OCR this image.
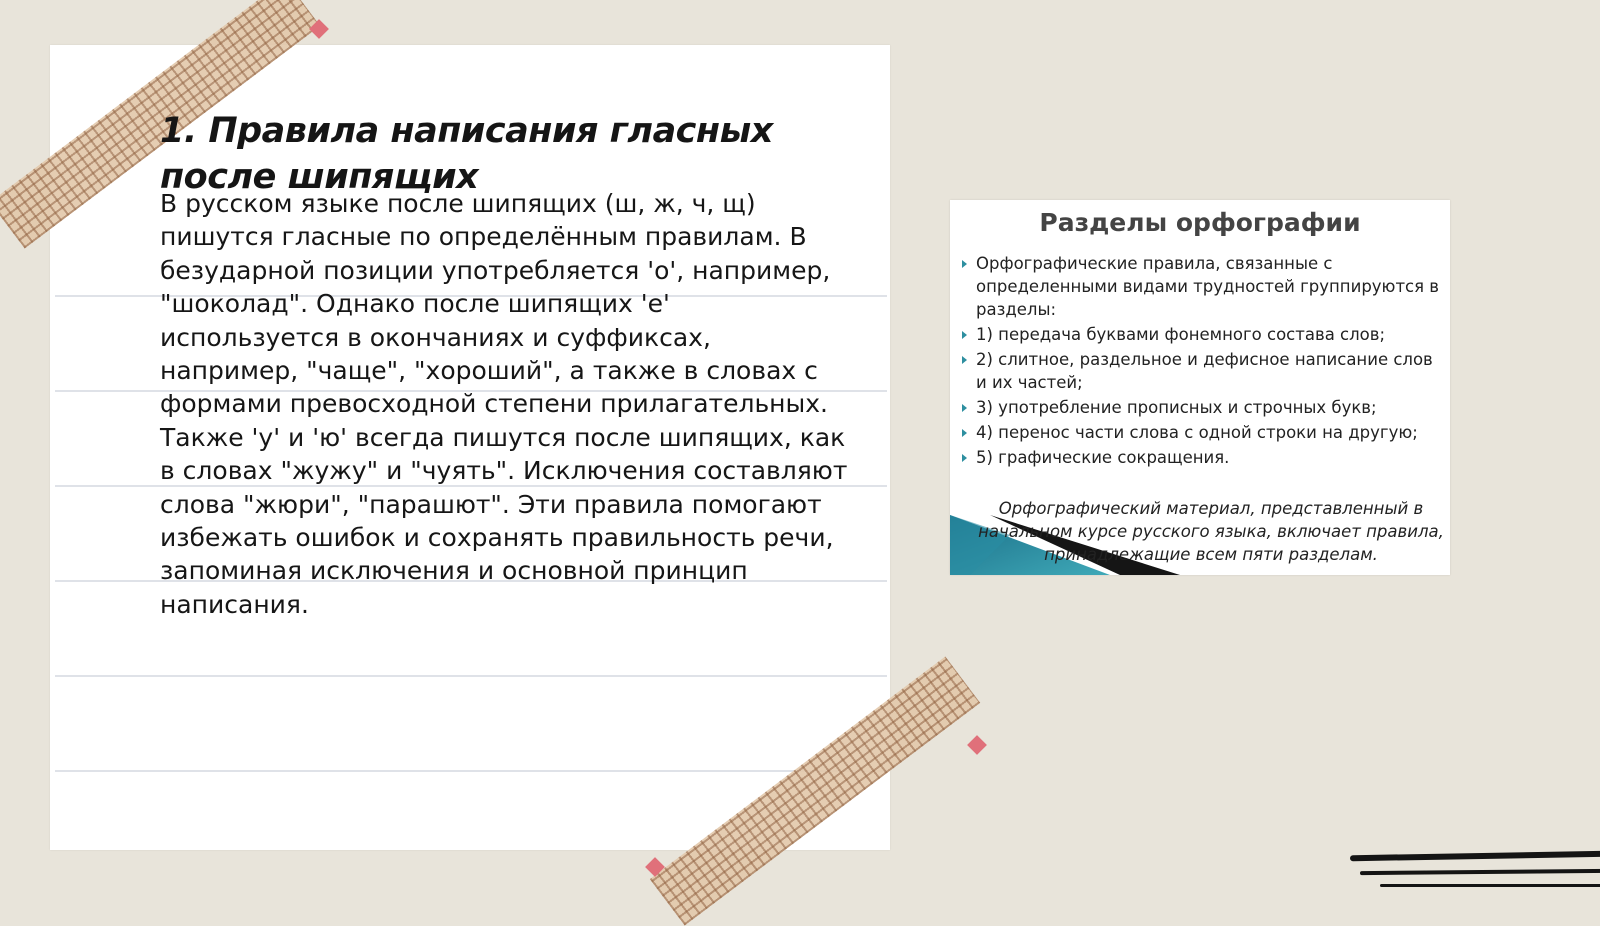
1. Правила написания гласных после шипящих

В русском языке после шипящих (ш, ж, ч, щ) пишутся гласные по определённым правилам. В безударной позиции употребляется 'о', например, "шоколад". Однако после шипящих 'е' используется в окончаниях и суффиксах, например, "чаще", "хороший", а также в словах с формами превосходной степени прилагательных. Также 'у' и 'ю' всегда пишутся после шипящих, как в словах "жужу" и "чуять". Исключения составляют слова "жюри", "парашют". Эти правила помогают избежать ошибок и сохранять правильность речи, запоминая исключения и основной принцип написания.

Разделы орфографии
Орфографические правила, связанные с определенными видами трудностей группируются в разделы:
1) передача буквами фонемного состава слов;
2) слитное, раздельное и дефисное написание слов и их частей;
3) употребление прописных и строчных букв;
4) перенос части слова с одной строки на другую;
5) графические сокращения.

Орфографический материал, представленный в начальном курсе русского языка, включает правила, принадлежащие всем пяти разделам.
